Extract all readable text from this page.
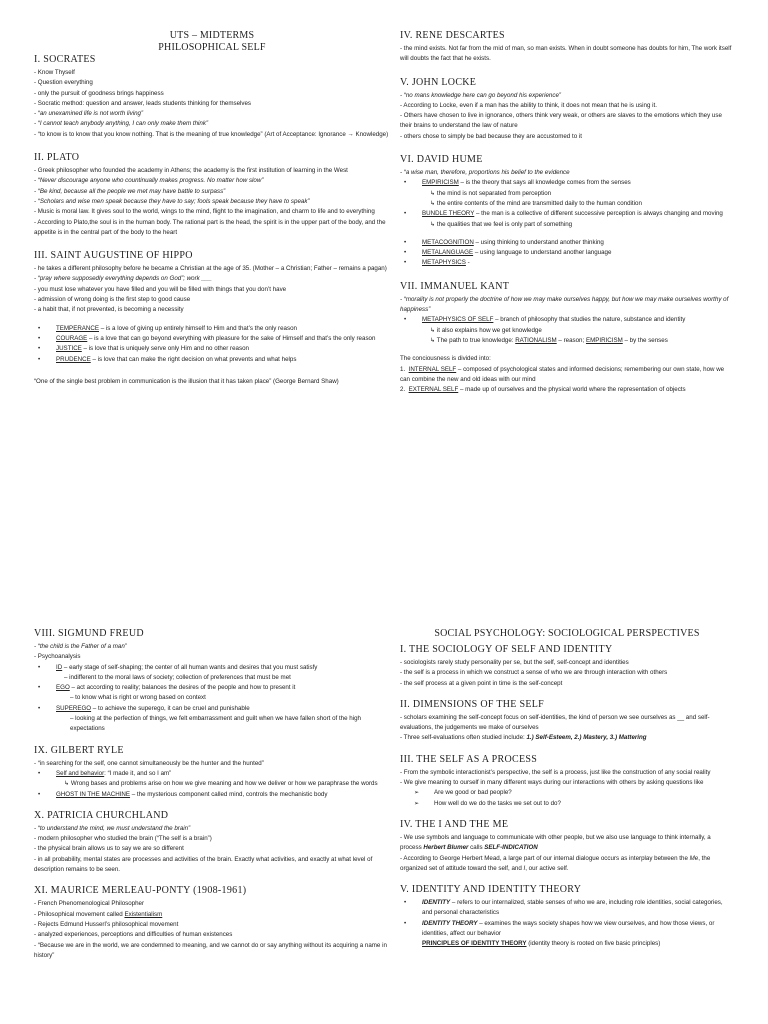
UTS – MIDTERMS
PHILOSOPHICAL SELF
I. SOCRATES

- Know Thyself

- Question everything

- only the pursuit of goodness brings happiness

- Socratic method: question and answer, leads students thinking for themselves

- “an unexamined life is not worth living”

- “I cannot teach anybody anything, I can only make them think”

- “to know is to know that you know nothing. That is the meaning of true knowledge” (Art of Acceptance: Ignorance → Knowledge)

II. PLATO

- Greek philosopher who founded the academy in Athens; the academy is the first institution of learning in the West

- “Never discourage anyone who countinually makes progress. No matter how slow”

- “Be kind, because all the people we met may have battle to surpass”

- “Scholars and wise men speak because they have to say; fools speak because they have to speak”

- Music is moral law. It gives soul to the world, wings to the mind, flight to the imagination, and charm to life and to everything

- According to Plato,the soul is in the human body. The rational part is the head, the spirit is in the upper part of the body, and the appetite is in the central part of the body to the heart

III. SAINT AUGUSTINE OF HIPPO

- he takes a different philosophy before he became a Christian at the age of 35. (Mother – a Christian; Father – remains a pagan)

- “pray where supposedly everything depends on God”; work ___

- you must lose whatever you have filled and you will be filled with things that you don’t have

- admission of wrong doing is the first step to good cause

- a habit that, if not prevented, is becoming a necessity

•	TEMPERANCE – is a love of giving up entirely himself to Him and that’s the only reason

•	COURAGE – is a love that can go beyond everything with pleasure for the sake of Himself and that’s the only reason

•	JUSTICE – is love that is uniquely serve only Him and no other reason

•	PRUDENCE – is love that can make the right decision on what prevents and what helps

“One of the single best problem in communication is the illusion that it has taken place” (George Bernard Shaw)

IV. RENE DESCARTES

- the mind exists. Not far from the mid of man, so man exists. When in doubt someone has doubts for him, The work itself will doubts the fact that he exists.

V. JOHN LOCKE

- “no mans knowledge here can go beyond his experience”

- According to Locke, even if a man has the ability to think, it does not mean that he is using it.

- Others have chosen to live in ignorance, others think very weak, or others are slaves to the emotions which they use their brains to understand the law of nature

- others chose to simply be bad because they are accustomed to it

VI. DAVID HUME

- “a wise man, therefore, proportions his belief to the evidence

•	EMPIRICISM – is the theory that says all knowledge comes from the senses

↳ the mind is not separated from perception

↳ the entire contents of the mind are transmitted daily to the human condition

•	BUNDLE THEORY – the man is a collective of different successive perception is always changing and moving

↳ the qualities that we feel is only part of something

•	METACOGNITION – using thinking to understand another thinking

•	METALANGUAGE – using language to understand another language

•	METAPHYSICS -

VII. IMMANUEL KANT

- “morality is not properly the doctrine of how we may make ourselves happy, but how we may make ourselves worthy of happiness”

•	METAPHYSICS OF SELF – branch of philosophy that studies the nature, substance and identity

↳ it also explains how we get knowledge

↳ The path to true knowledge: RATIONALISM – reason; EMPIRICISM – by the senses

The conciousness is divided into:

1.  INTERNAL SELF – composed of psychological states and informed decisions; remembering our own state, how we can combine the new and old ideas with our mind

2.  EXTERNAL SELF – made up of ourselves and the physical world where the representation of objects

VIII. SIGMUND FREUD

- “the child is the Father of a man”

- Psychoanalysis

•	ID – early stage of self-shaping; the center of all human wants and desires that you must satisfy

– indifferent to the moral laws of society; collection of preferences that must be met

•	EGO – act according to reality; balances the desires of the people and how to present it

– to know what is right or wrong based on context

•	SUPEREGO – to achieve the superego, it can be cruel and punishable

– looking at the perfection of things, we felt embarrassment and guilt when we have fallen short of the high expectations

IX. GILBERT RYLE

- “in searching for the self, one cannot simultaneously be the hunter and the hunted”

•	Self and behavior: “I made it, and so I am”

↳ Wrong bases and problems arise on how we give meaning and how we deliver or how we paraphrase the words

•	GHOST IN THE MACHINE – the mysterious component called mind, controls the mechanistic body

X. PATRICIA CHURCHLAND

- “to understand the mind, we must understand the brain”

- modern philosopher who studied the brain (“The self is a brain”)

- the physical brain allows us to say we are so different

- in all probability, mental states are processes and activities of the brain. Exactly what activities, and exactly at what level of description remains to be seen.

XI. MAURICE MERLEAU-PONTY (1908-1961)

- French Phenomenological Philosopher

- Philosophical movement called Existentialism

- Rejects Edmund Husserl’s philosophical movement

- analyzed experiences, perceptions and difficulties of human existences

- “Because we are in the world, we are condemned to meaning, and we cannot do or say anything without its acquiring a name in history”

SOCIAL PSYCHOLOGY: SOCIOLOGICAL PERSPECTIVES
I. THE SOCIOLOGY OF SELF AND IDENTITY

- sociologists rarely study personality per se, but the self, self-concept and identities

- the self is a process in which we construct a sense of who we are through interaction with others

- the self process at a given point in time is the self-concept

II. DIMENSIONS OF THE SELF

- scholars examining the self-concept focus on self-identities, the kind of person we see ourselves as __ and self-evaluations, the judgements we make of ourselves

- Three self-evaluations often studied include: 1.) Self-Esteem, 2.) Mastery, 3.) Mattering

III. THE SELF AS A PROCESS

- From the symbolic interactionist’s perspective, the self is a process, just like the construction of any social reality

- We give meaning to ourself in many different ways during our interactions with others by asking questions like

➢ Are we good or bad people?

➢ How well do we do the tasks we set out to do?

IV. THE I AND THE ME

- We use symbols and language to communicate with other people, but we also use language to think internally, a process Herbert Blumer calls SELF-INDICATION

- According to George Herbert Mead, a large part of our internal dialogue occurs as interplay between the Me, the organized set of attitude toward the self, and I, our active self.

V. IDENTITY AND IDENTITY THEORY

•	IDENTITY – refers to our internalized, stable senses of who we are, including role identities, social categories, and personal characteristics

•	IDENTITY THEORY – examines the ways society shapes how we view ourselves, and how those views, or identities, affect our behavior

PRINCIPLES OF IDENTITY THEORY (identity theory is rooted on five basic principles)
